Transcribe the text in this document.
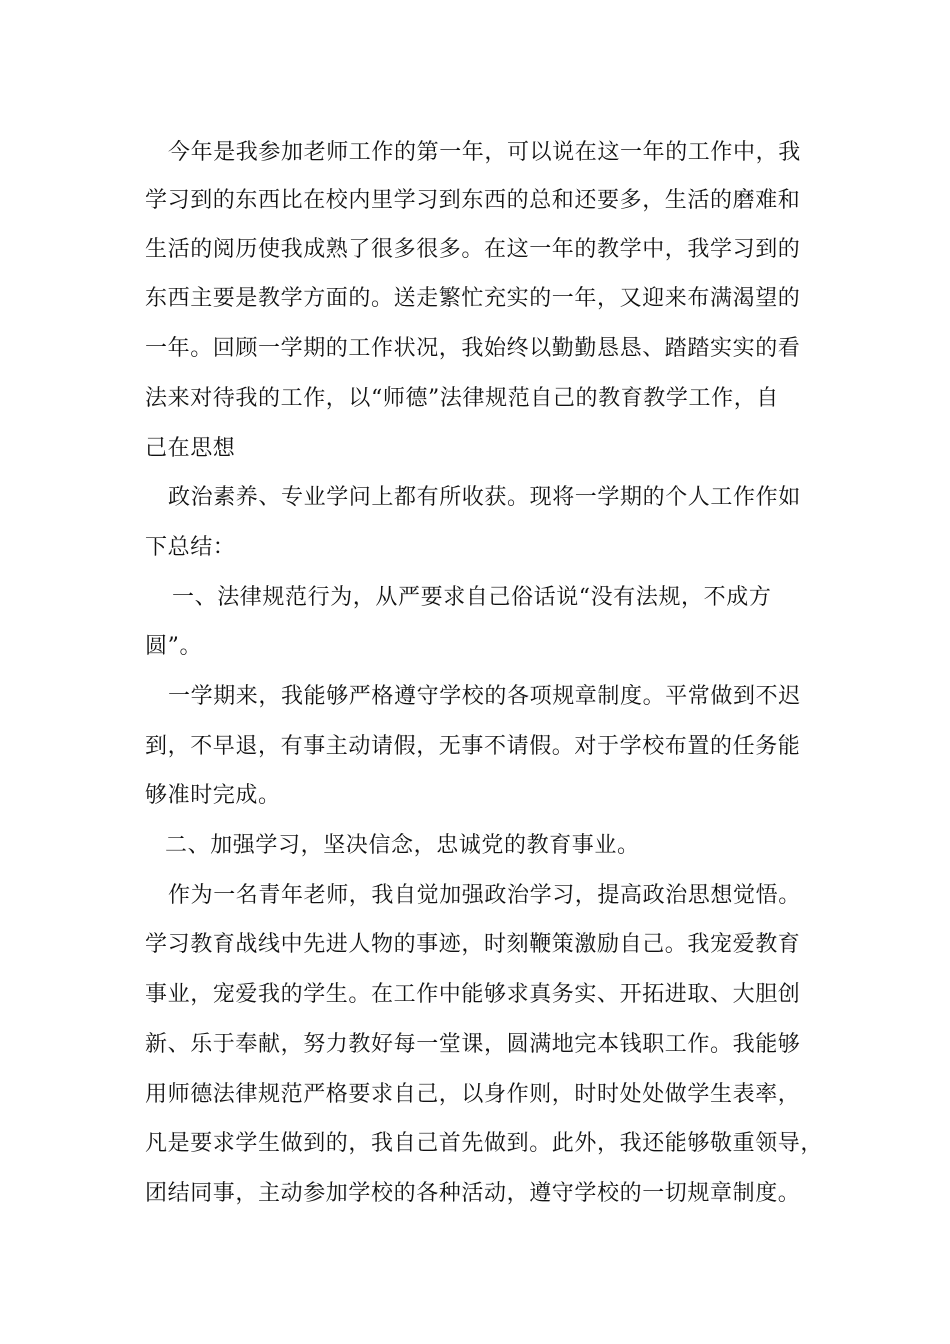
今年是我参加老师工作的第一年，可以说在这一年的工作中，我
学习到的东西比在校内里学习到东西的总和还要多，生活的磨难和
生活的阅历使我成熟了很多很多。在这一年的教学中，我学习到的
东西主要是教学方面的。送走繁忙充实的一年，又迎来布满渴望的
一年。回顾一学期的工作状况，我始终以勤勤恳恳、踏踏实实的看
法来对待我的工作，以“师德”法律规范自己的教育教学工作，自
己在思想
政治素养、专业学问上都有所收获。现将一学期的个人工作作如
下总结：
一、法律规范行为，从严要求自己俗话说“没有法规，不成方
圆”。
一学期来，我能够严格遵守学校的各项规章制度。平常做到不迟
到，不早退，有事主动请假，无事不请假。对于学校布置的任务能
够准时完成。
二、加强学习，坚决信念，忠诚党的教育事业。
作为一名青年老师，我自觉加强政治学习，提高政治思想觉悟。
学习教育战线中先进人物的事迹，时刻鞭策激励自己。我宠爱教育
事业，宠爱我的学生。在工作中能够求真务实、开拓进取、大胆创
新、乐于奉献，努力教好每一堂课，圆满地完本钱职工作。我能够
用师德法律规范严格要求自己，以身作则，时时处处做学生表率，
凡是要求学生做到的，我自己首先做到。此外，我还能够敬重领导，
团结同事，主动参加学校的各种活动，遵守学校的一切规章制度。
